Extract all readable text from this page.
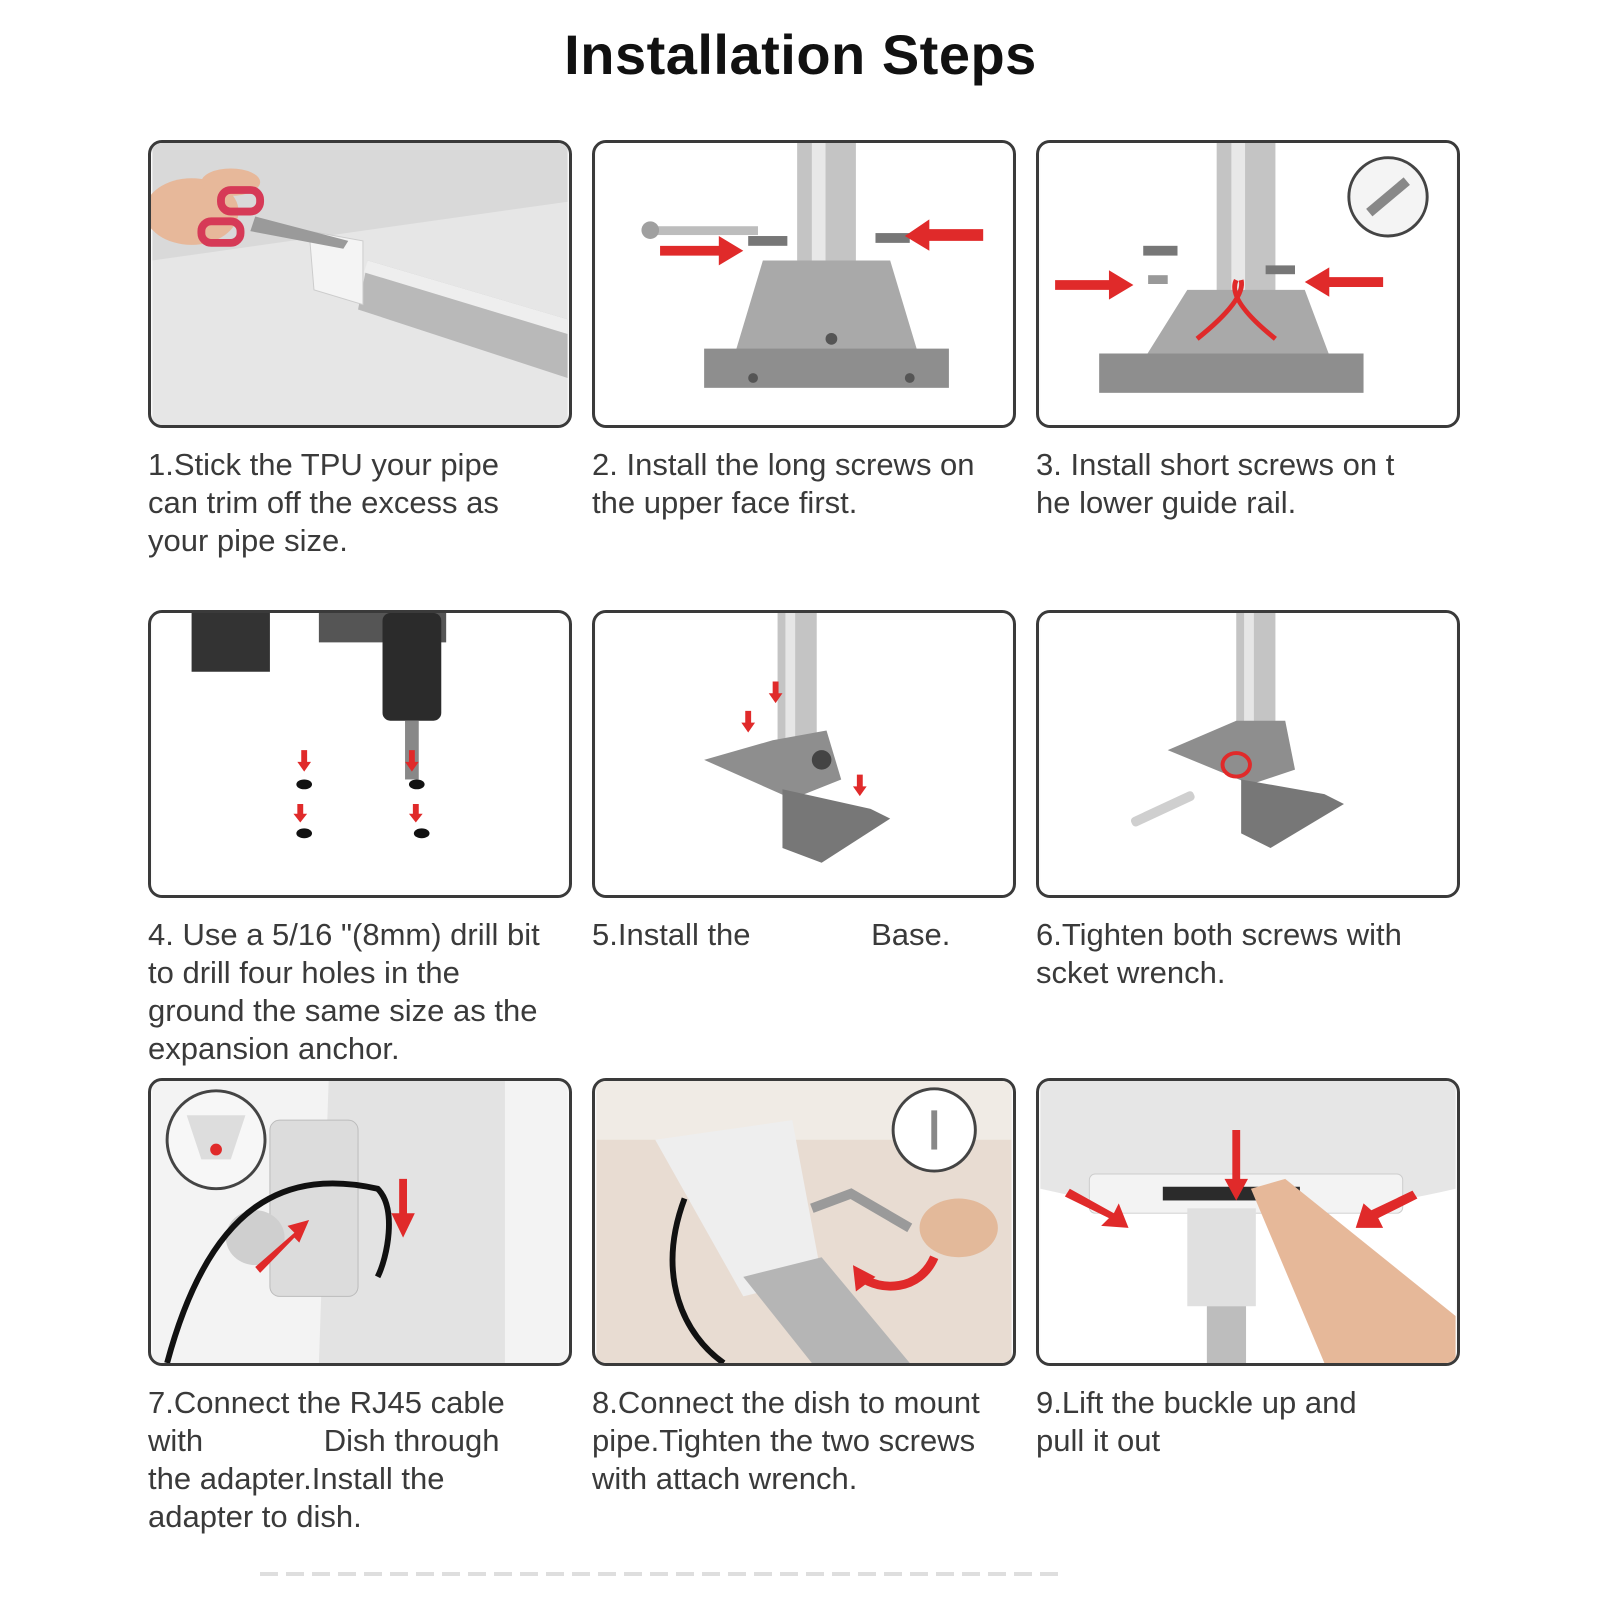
Installation Steps
1.Stick the TPU your pipe
can trim off the excess as
your pipe size.
2. Install the long screws on
the upper face first.
3. Install short screws on t
he lower guide rail.
4. Use a 5/16 "(8mm) drill bit
to drill four holes in the
ground the same size as the
expansion anchor.
5.Install the              Base.	6.Tighten both screws with
scket wrench.
7.Connect the RJ45 cable
with              Dish through
the adapter.Install the
adapter to dish.
8.Connect the dish to mount
pipe.Tighten the two screws
with attach wrench.
9.Lift the buckle up and
pull it out
